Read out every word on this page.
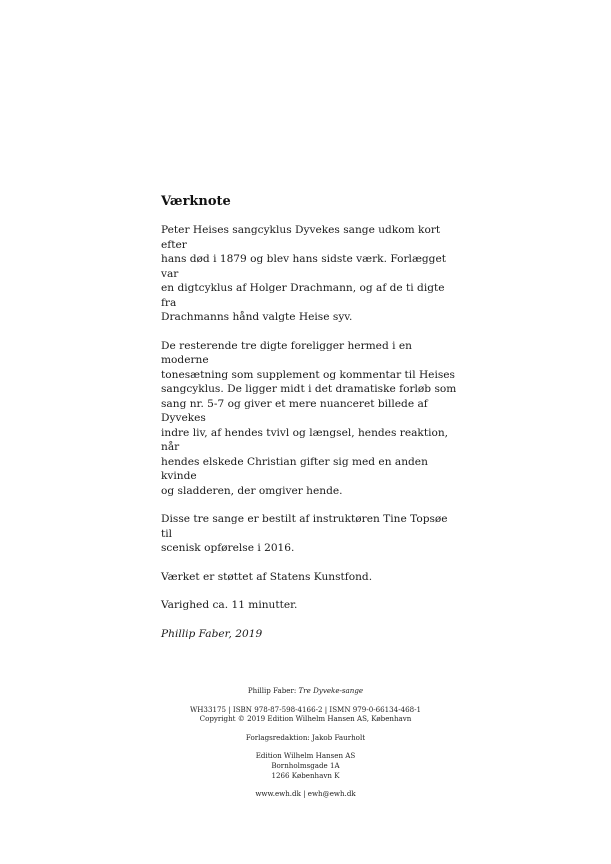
Værknote

Peter Heises sangcyklus Dyvekes sange udkom kort efter
hans død i 1879 og blev hans sidste værk. Forlægget var
en digtcyklus af Holger Drachmann, og af de ti digte fra
Drachmanns hånd valgte Heise syv.

De resterende tre digte foreligger hermed i en moderne
tonesætning som supplement og kommentar til Heises
sangcyklus. De ligger midt i det dramatiske forløb som
sang nr. 5-7 og giver et mere nuanceret billede af Dyvekes
indre liv, af hendes tvivl og længsel, hendes reaktion, når
hendes elskede Christian gifter sig med en anden kvinde
og sladderen, der omgiver hende.

Disse tre sange er bestilt af instruktøren Tine Topsøe til
scenisk opførelse i 2016.

Værket er støttet af Statens Kunstfond.

Varighed ca. 11 minutter.

Phillip Faber, 2019

Phillip Faber: Tre Dyveke-sange
WH33175 | ISBN 978-87-598-4166-2 | ISMN 979-0-66134-468-1
Copyright © 2019 Edition Wilhelm Hansen AS, København
Forlagsredaktion: Jakob Faurholt
Edition Wilhelm Hansen AS
Bornholmsgade 1A
1266 København K
www.ewh.dk | ewh@ewh.dk
